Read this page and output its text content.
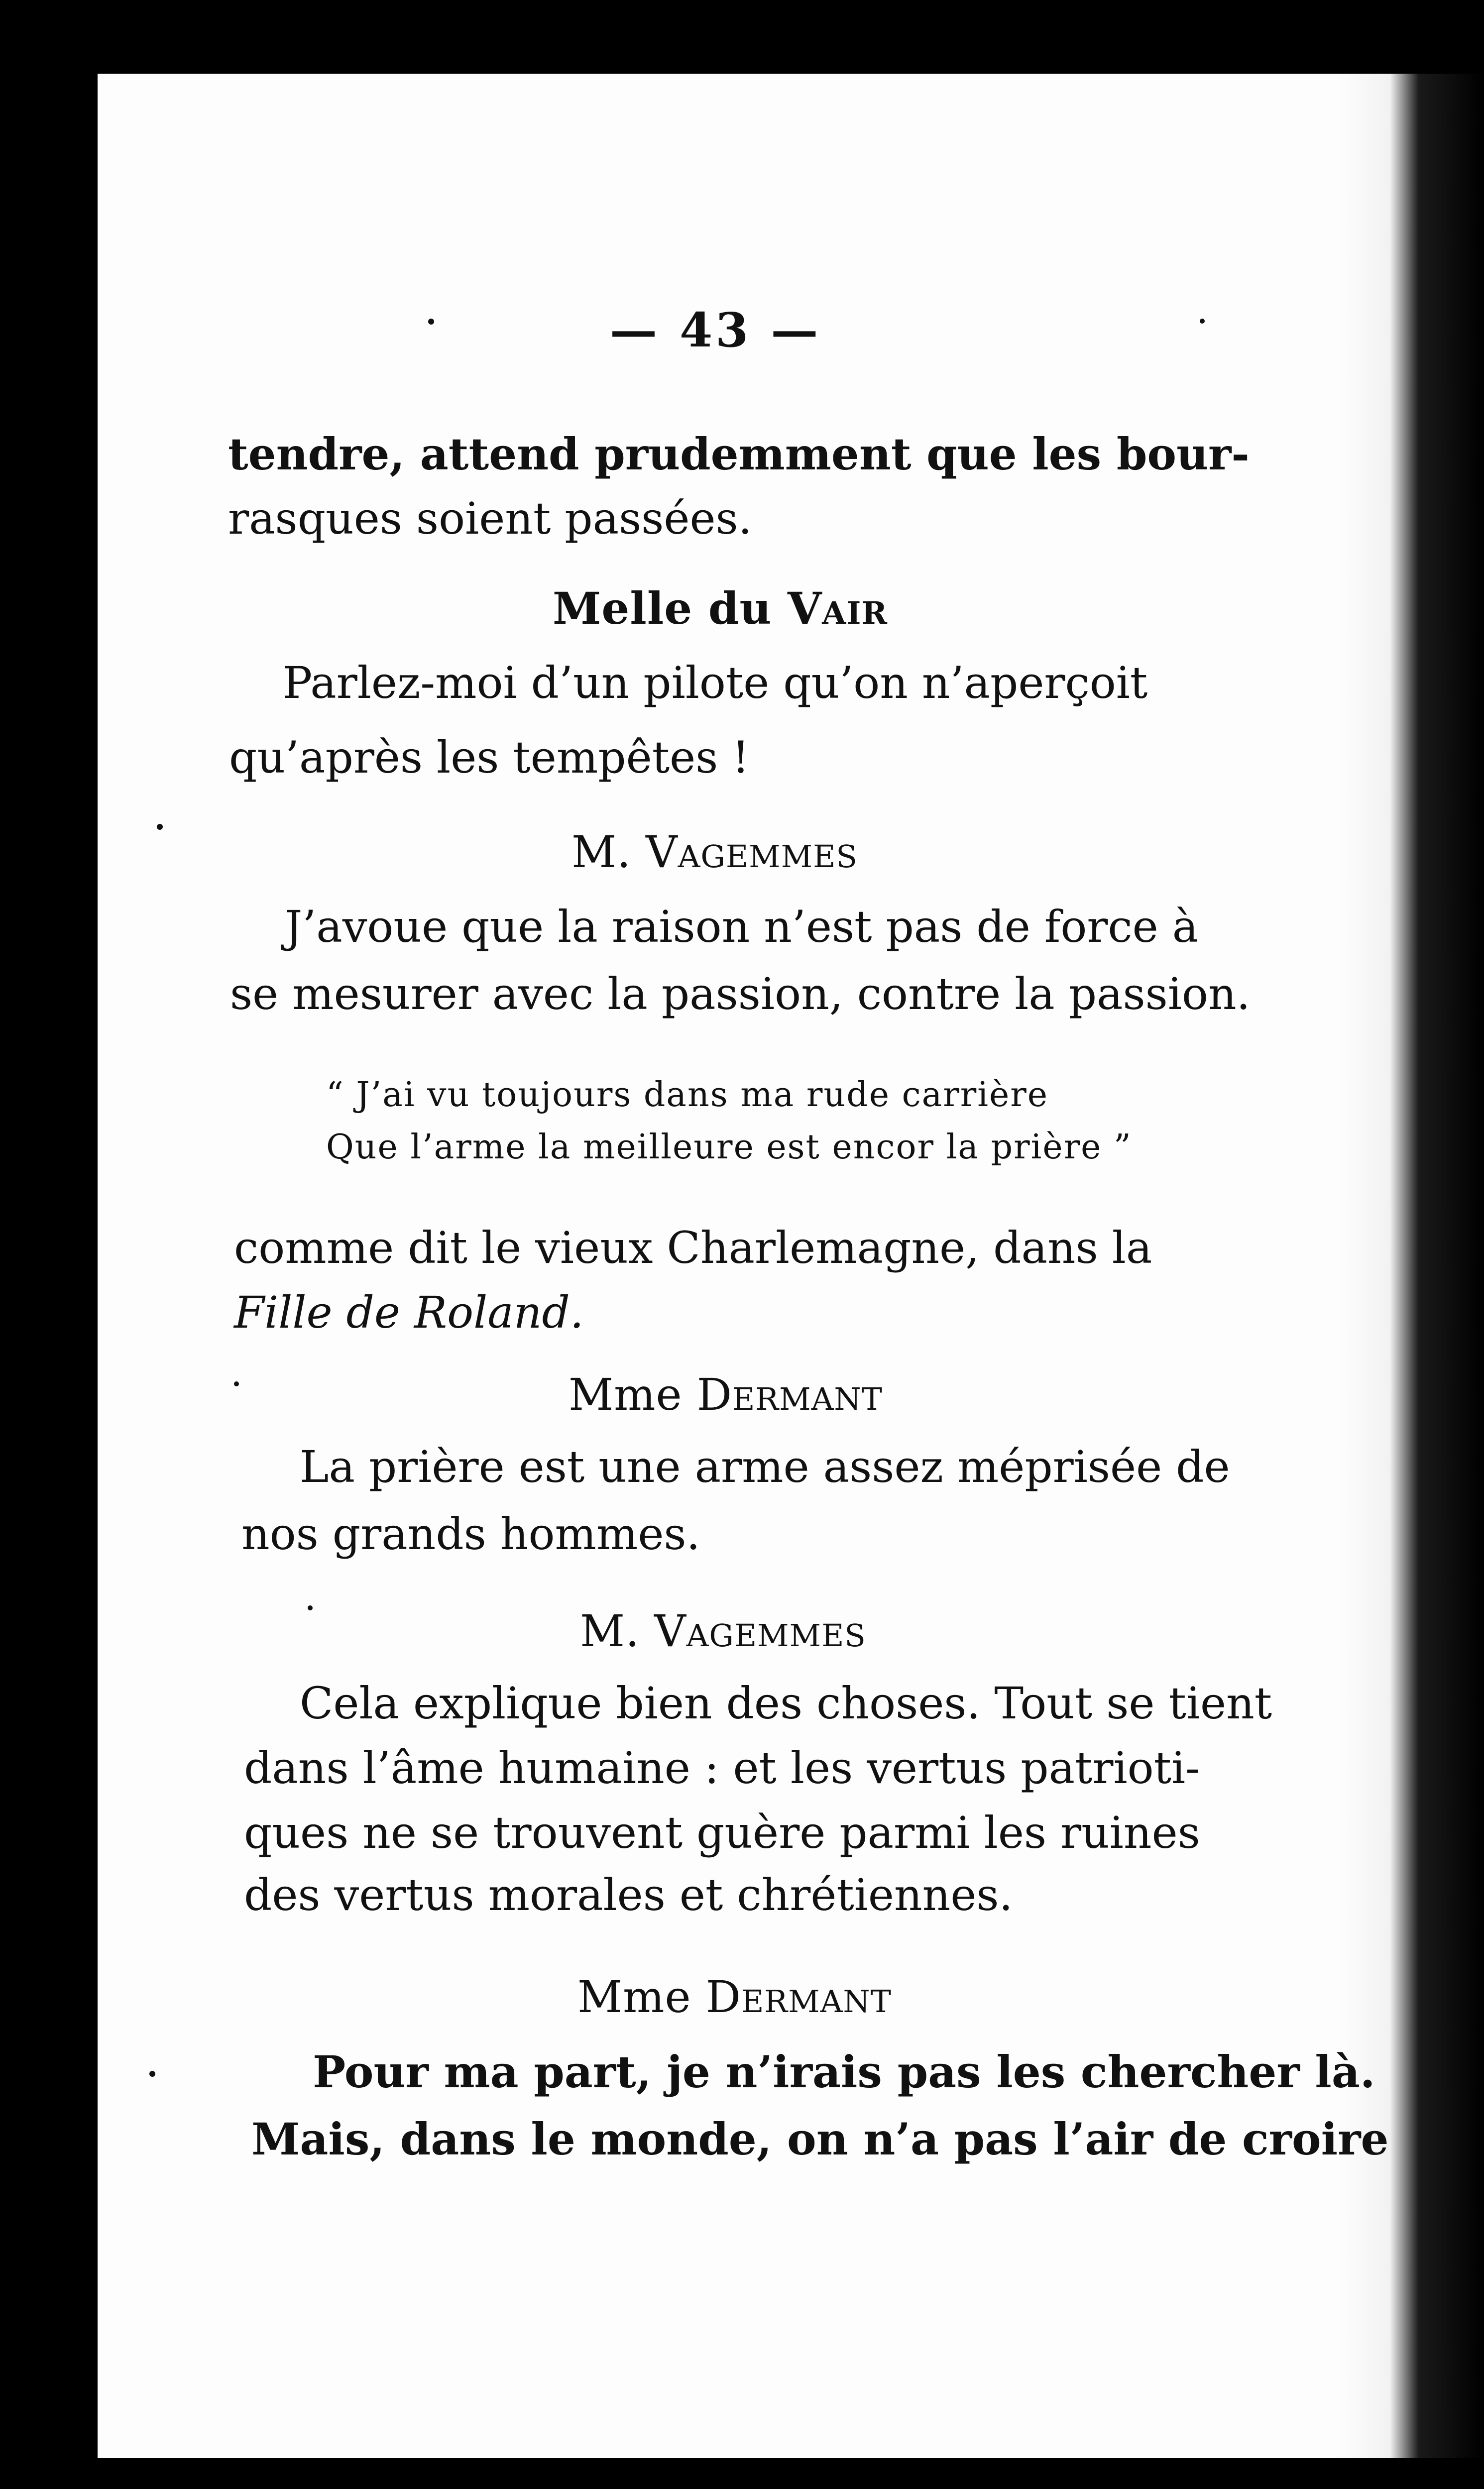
— 43 —
tendre, attend prudemment que les bour-
rasques soient passées.
Melle du Vair
Parlez-moi d’un pilote qu’on n’aperçoit
qu’après les tempêtes !
M. Vagemmes
J’avoue que la raison n’est pas de force à
se mesurer avec la passion, contre la passion.
“ J’ai vu toujours dans ma rude carrière
Que l’arme la meilleure est encor la prière ”
comme dit le vieux Charlemagne, dans la
Fille de Roland.
Mme Dermant
La prière est une arme assez méprisée de
nos grands hommes.
M. Vagemmes
Cela explique bien des choses. Tout se tient
dans l’âme humaine : et les vertus patrioti-
ques ne se trouvent guère parmi les ruines
des vertus morales et chrétiennes.
Mme Dermant
Pour ma part, je n’irais pas les chercher là.
Mais, dans le monde, on n’a pas l’air de croire
